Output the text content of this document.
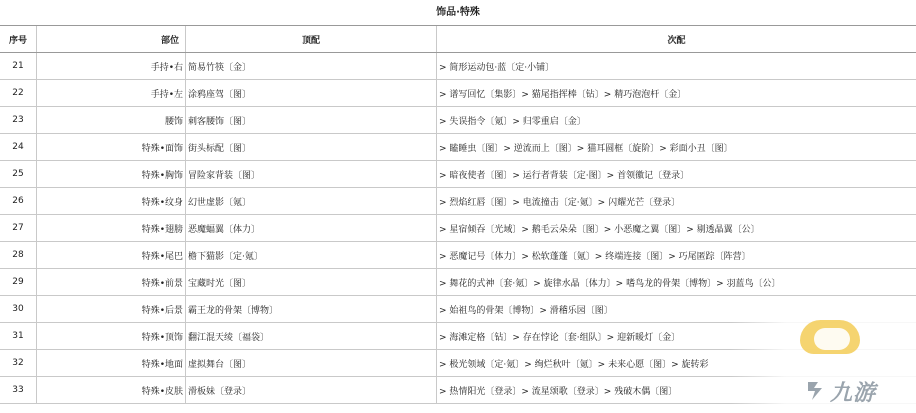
饰品·特殊
序号	部位	顶配	次配
21	手持•右	简易竹筷〔金〕	> 简形运动包·蓝〔定·小铺〕
22	手持•左	涂鸦座驾〔图〕	> 谱写回忆〔集影〕> 猫尾指挥棒〔钻〕> 精巧泡泡杆〔金〕
23	腰饰	刺客腰饰〔图〕	> 失误指令〔氪〕> 归零重启〔金〕
24	特殊•面饰	街头标配〔图〕	> 瞌睡虫〔图〕> 逆流而上〔图〕> 猫耳圆框〔旋阶〕> 彩面小丑〔图〕
25	特殊•胸饰	冒险家背装〔图〕	> 暗夜使者〔图〕> 运行者背装〔定·图〕> 首领徽记〔登录〕
26	特殊•纹身	幻世虚影〔氪〕	> 烈焰红唇〔图〕> 电流撞击〔定·氪〕> 闪耀光芒〔登录〕
27	特殊•翅膀	恶魔蝠翼〔体力〕	> 星宿倾吞〔光域〕> 鹅毛云朵朵〔图〕> 小恶魔之翼〔图〕> 剔透晶翼〔公〕
28	特殊•尾巴	檐下猫影〔定·氪〕	> 恶魔记号〔体力〕> 松软蓬蓬〔氪〕> 终端连接〔图〕> 巧尾匿踪〔阵营〕
29	特殊•前景	宝藏时光〔图〕	> 舞花的式神〔套·氪〕> 旋律水晶〔体力〕> 嗜鸟龙的骨架〔博物〕> 羽蓝鸟〔公〕
30	特殊•后景	霸王龙的骨架〔博物〕	> 始祖鸟的骨架〔博物〕> 滑稽乐园〔图〕
31	特殊•顶饰	翻江混天绫〔福袋〕	> 海滩定格〔钻〕> 存在悖论〔套·组队〕> 迎新暖灯〔金〕
32	特殊•地面	虚拟舞台〔图〕	> 极光领域〔定·氪〕> 绚烂秋叶〔氪〕> 未来心愿〔图〕> 旋转彩
33	特殊•皮肤	滑板妹〔登录〕	> 热情阳光〔登录〕> 流星颂歌〔登录〕> 残破木偶〔图〕	九游
